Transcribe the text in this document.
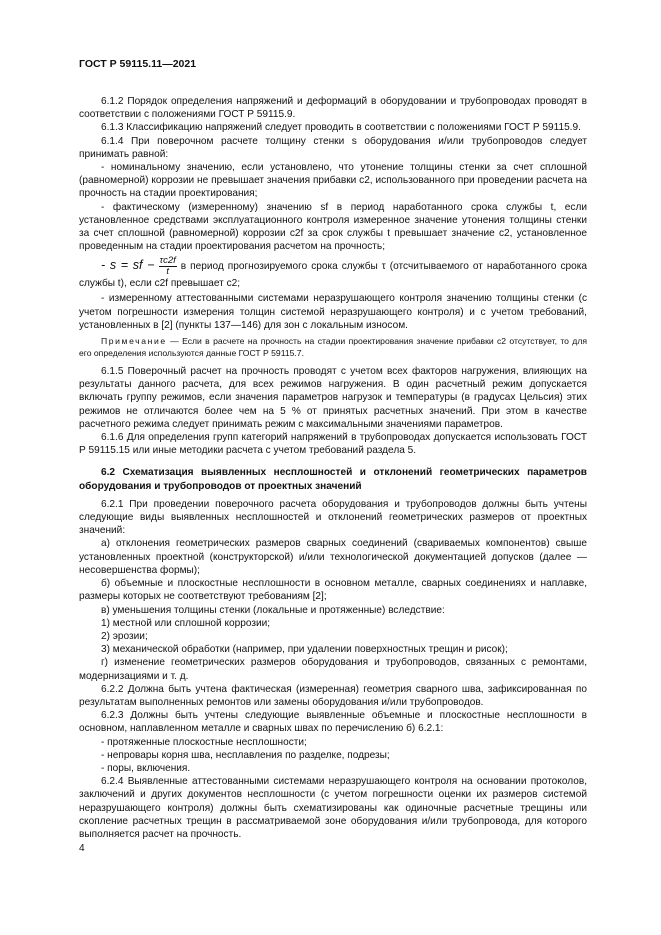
ГОСТ Р 59115.11—2021

6.1.2 Порядок определения напряжений и деформаций в оборудовании и трубопроводах проводят в соответствии с положениями ГОСТ Р 59115.9.

6.1.3 Классификацию напряжений следует проводить в соответствии с положениями ГОСТ Р 59115.9.

6.1.4 При поверочном расчете толщину стенки s оборудования и/или трубопроводов следует принимать равной:

- номинальному значению, если установлено, что утонение толщины стенки за счет сплошной (равномерной) коррозии не превышает значения прибавки c2, использованного при проведении расчета на прочность на стадии проектирования;

- фактическому (измеренному) значению sf в период наработанного срока службы t, если установленное средствами эксплуатационного контроля измеренное значение утонения толщины стенки за счет сплошной (равномерной) коррозии c2f за срок службы t превышает значение c2, установленное проведенным на стадии проектирования расчетом на прочность;

- s = sf − $\frac{\tau c2f}{t}$ в период прогнозируемого срока службы τ (отсчитываемого от наработанного срока службы t), если c2f превышает c2;

- измеренному аттестованными системами неразрушающего контроля значению толщины стенки (с учетом погрешности измерения толщин системой неразрушающего контроля) и с учетом требований, установленных в [2] (пункты 137—146) для зон с локальным износом.

Примечание — Если в расчете на прочность на стадии проектирования значение прибавки c2 отсутствует, то для его определения используются данные ГОСТ Р 59115.7.

6.1.5 Поверочный расчет на прочность проводят с учетом всех факторов нагружения, влияющих на результаты данного расчета, для всех режимов нагружения. В один расчетный режим допускается включать группу режимов, если значения параметров нагрузок и температуры (в градусах Цельсия) этих режимов не отличаются более чем на 5 % от принятых расчетных значений. При этом в качестве расчетного режима следует принимать режим с максимальными значениями параметров.

6.1.6 Для определения групп категорий напряжений в трубопроводах допускается использовать ГОСТ Р 59115.15 или иные методики расчета с учетом требований раздела 5.

6.2 Схематизация выявленных несплошностей и отклонений геометрических параметров оборудования и трубопроводов от проектных значений

6.2.1 При проведении поверочного расчета оборудования и трубопроводов должны быть учтены следующие виды выявленных несплошностей и отклонений геометрических размеров от проектных значений:

а) отклонения геометрических размеров сварных соединений (свариваемых компонентов) свыше установленных проектной (конструкторской) и/или технологической документацией допусков (далее — несовершенства формы);

б) объемные и плоскостные несплошности в основном металле, сварных соединениях и наплавке, размеры которых не соответствуют требованиям [2];

в) уменьшения толщины стенки (локальные и протяженные) вследствие:

1) местной или сплошной коррозии;

2) эрозии;

3) механической обработки (например, при удалении поверхностных трещин и рисок);

г) изменение геометрических размеров оборудования и трубопроводов, связанных с ремонтами, модернизациями и т. д.

6.2.2 Должна быть учтена фактическая (измеренная) геометрия сварного шва, зафиксированная по результатам выполненных ремонтов или замены оборудования и/или трубопроводов.

6.2.3 Должны быть учтены следующие выявленные объемные и плоскостные несплошности в основном, наплавленном металле и сварных швах по перечислению б) 6.2.1:

- протяженные плоскостные несплошности;

- непровары корня шва, несплавления по разделке, подрезы;

- поры, включения.

6.2.4 Выявленные аттестованными системами неразрушающего контроля на основании протоколов, заключений и других документов несплошности (с учетом погрешности оценки их размеров системой неразрушающего контроля) должны быть схематизированы как одиночные расчетные трещины или скопление расчетных трещин в рассматриваемой зоне оборудования и/или трубопровода, для которого выполняется расчет на прочность.

4
